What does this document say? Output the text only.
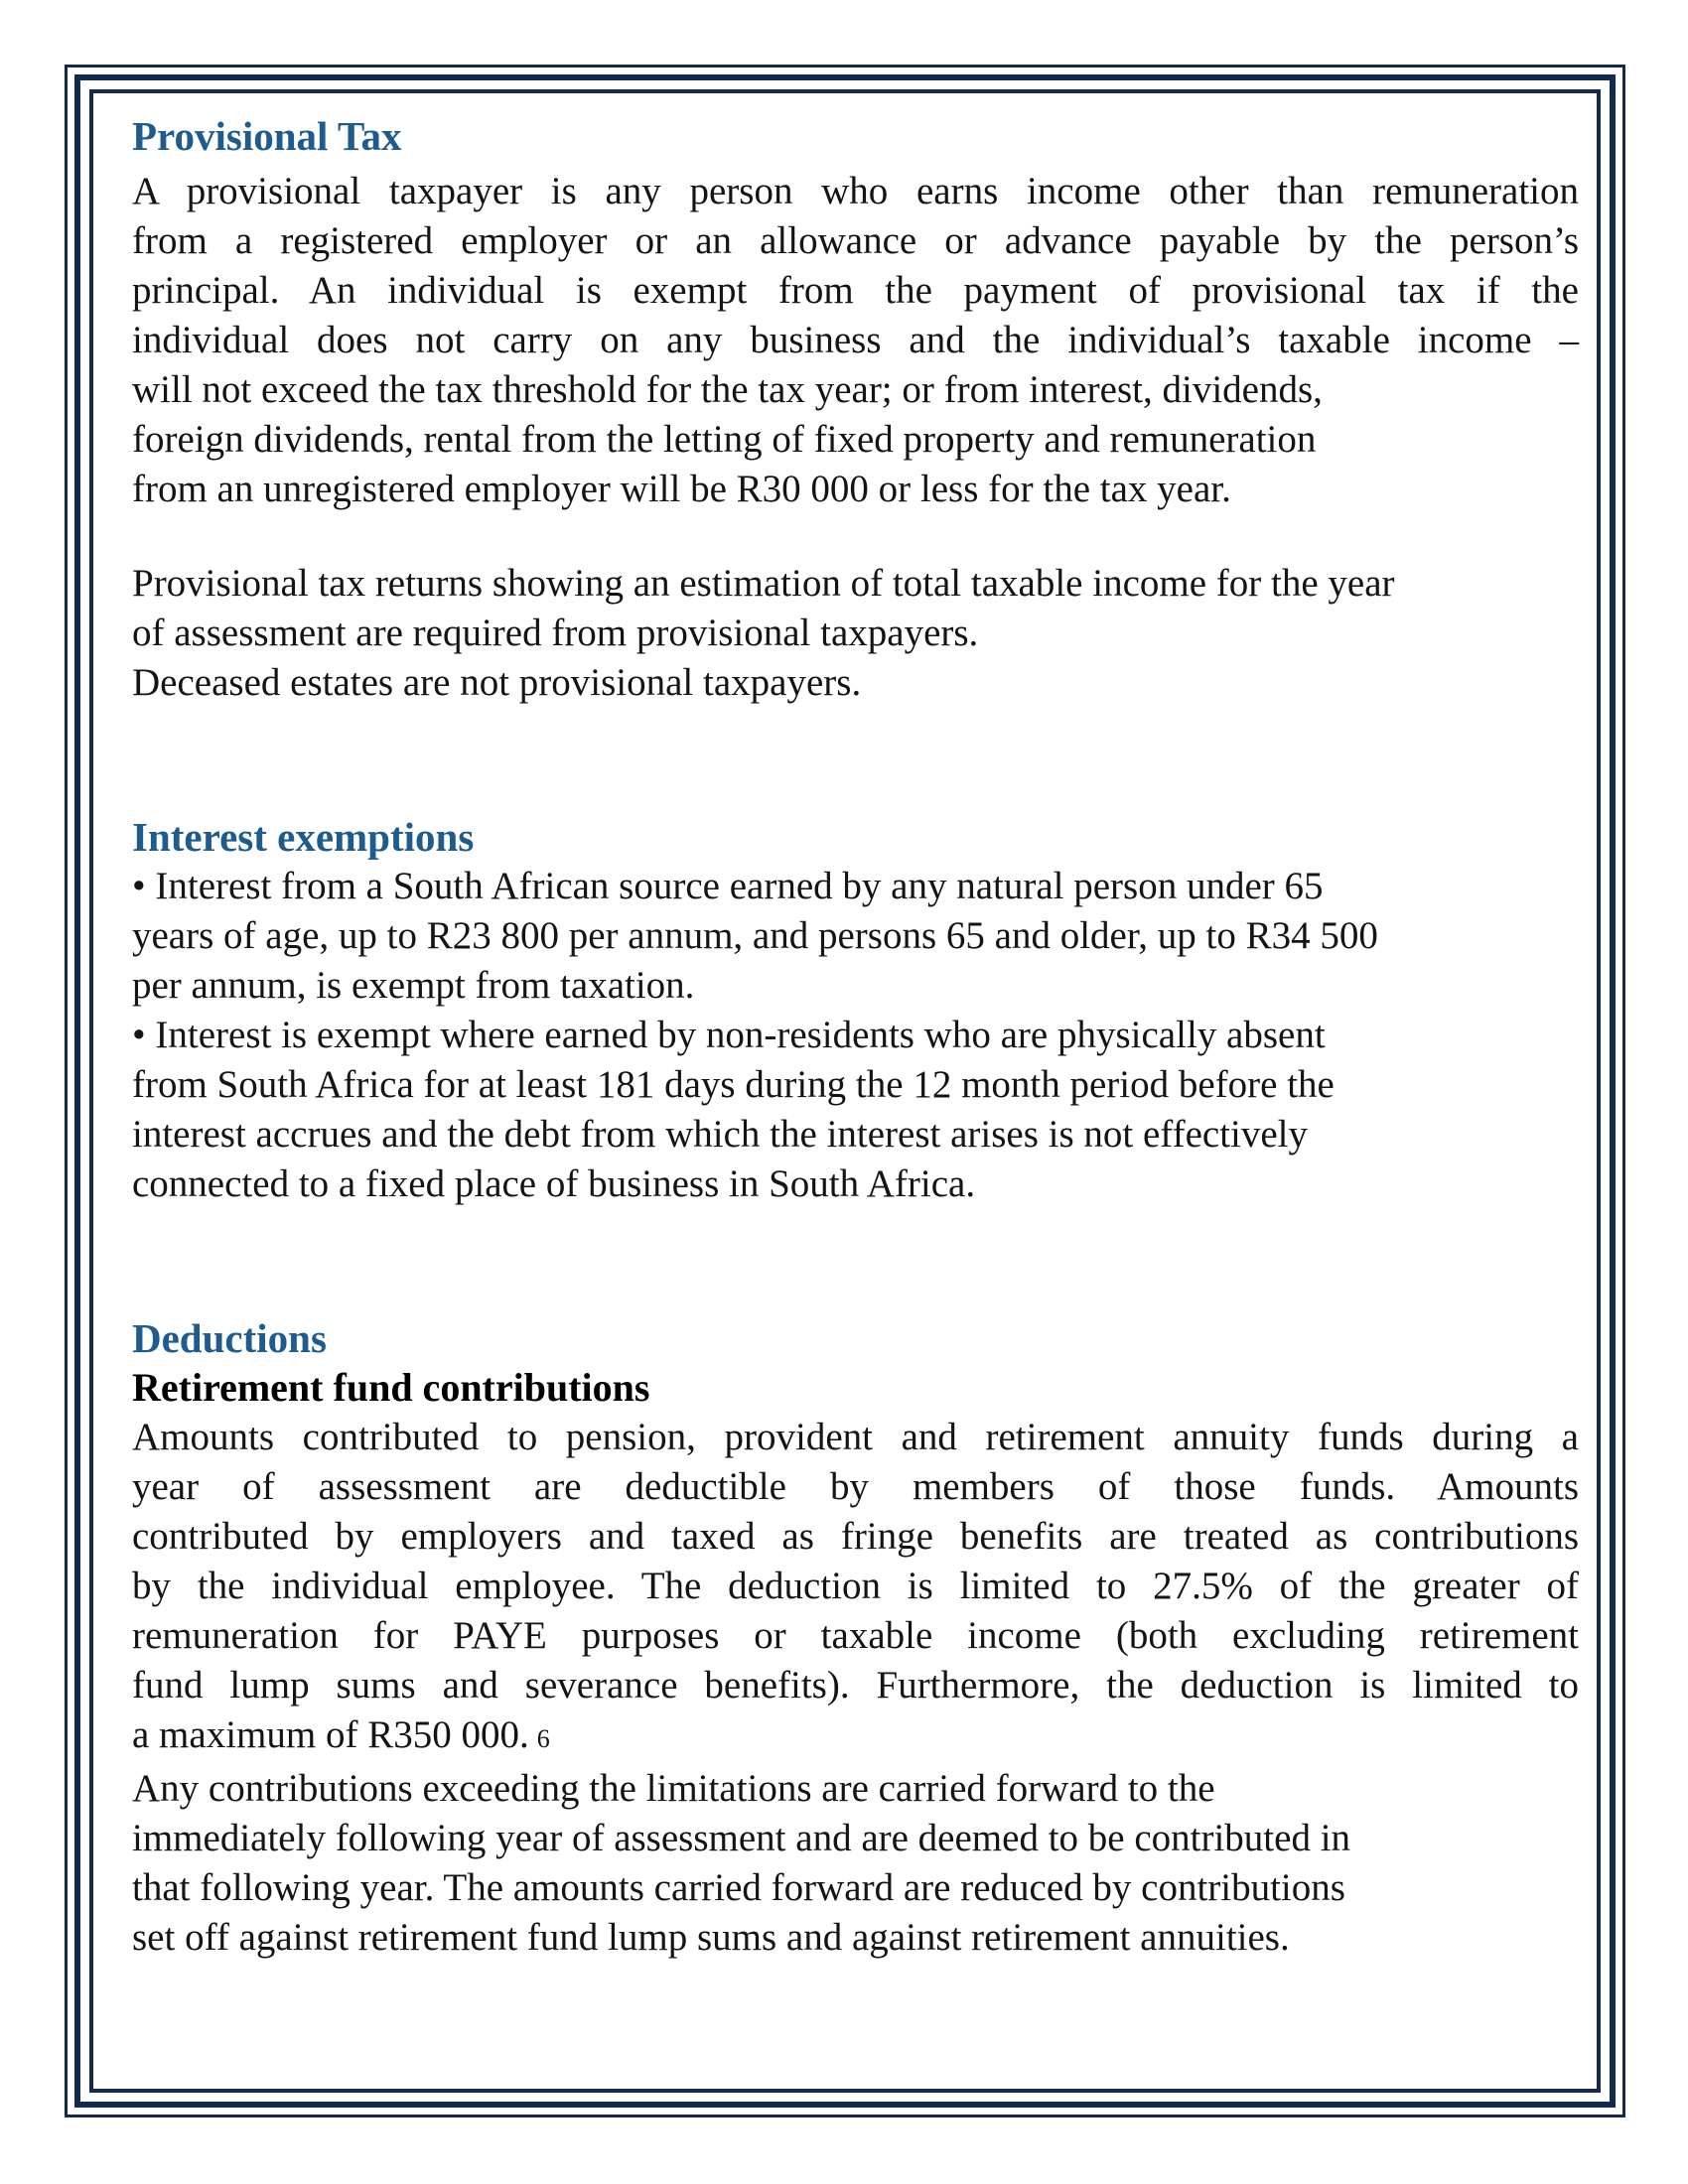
Provisional Tax
A provisional taxpayer is any person who earns income other than remuneration
from a registered employer or an allowance or advance payable by the person’s
principal. An individual is exempt from the payment of provisional tax if the
individual does not carry on any business and the individual’s taxable income –
will not exceed the tax threshold for the tax year; or from interest, dividends,
foreign dividends, rental from the letting of fixed property and remuneration
from an unregistered employer will be R30 000 or less for the tax year.
Provisional tax returns showing an estimation of total taxable income for the year
of assessment are required from provisional taxpayers.
Deceased estates are not provisional taxpayers.
Interest exemptions
• Interest from a South African source earned by any natural person under 65
years of age, up to R23 800 per annum, and persons 65 and older, up to R34 500
per annum, is exempt from taxation.
• Interest is exempt where earned by non-residents who are physically absent
from South Africa for at least 181 days during the 12 month period before the
interest accrues and the debt from which the interest arises is not effectively
connected to a fixed place of business in South Africa.
Deductions
Retirement fund contributions
Amounts contributed to pension, provident and retirement annuity funds during a
year of assessment are deductible by members of those funds. Amounts
contributed by employers and taxed as fringe benefits are treated as contributions
by the individual employee. The deduction is limited to 27.5% of the greater of
remuneration for PAYE purposes or taxable income (both excluding retirement
fund lump sums and severance benefits). Furthermore, the deduction is limited to
a maximum of R350 000. 6
Any contributions exceeding the limitations are carried forward to the
immediately following year of assessment and are deemed to be contributed in
that following year. The amounts carried forward are reduced by contributions
set off against retirement fund lump sums and against retirement annuities.
